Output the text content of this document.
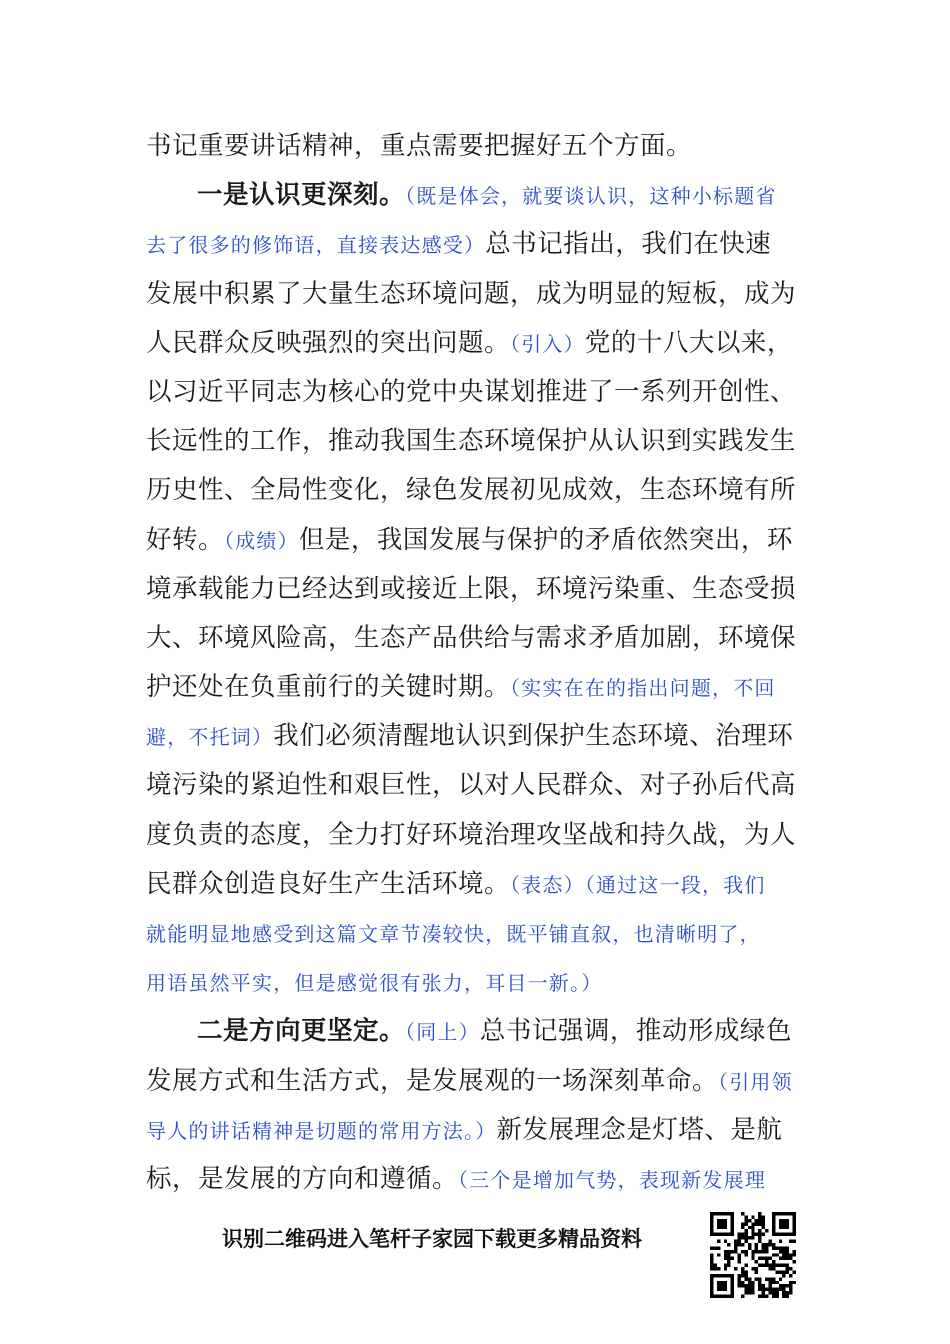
书记重要讲话精神，重点需要把握好五个方面。
一是认识更深刻。（既是体会，就要谈认识，这种小标题省
去了很多的修饰语，直接表达感受）总书记指出，我们在快速
发展中积累了大量生态环境问题，成为明显的短板，成为
人民群众反映强烈的突出问题。（引入）党的十八大以来，
以习近平同志为核心的党中央谋划推进了一系列开创性、
长远性的工作，推动我国生态环境保护从认识到实践发生
历史性、全局性变化，绿色发展初见成效，生态环境有所
好转。（成绩）但是，我国发展与保护的矛盾依然突出，环
境承载能力已经达到或接近上限，环境污染重、生态受损
大、环境风险高，生态产品供给与需求矛盾加剧，环境保
护还处在负重前行的关键时期。（实实在在的指出问题，不回
避，不托词）我们必须清醒地认识到保护生态环境、治理环
境污染的紧迫性和艰巨性，以对人民群众、对子孙后代高
度负责的态度，全力打好环境治理攻坚战和持久战，为人
民群众创造良好生产生活环境。（表态）（通过这一段，我们
就能明显地感受到这篇文章节凑较快，既平铺直叙，也清晰明了，
用语虽然平实，但是感觉很有张力，耳目一新。）
二是方向更坚定。（同上）总书记强调，推动形成绿色
发展方式和生活方式，是发展观的一场深刻革命。（引用领
导人的讲话精神是切题的常用方法。）新发展理念是灯塔、是航
标，是发展的方向和遵循。（三个是增加气势，表现新发展理
识别二维码进入笔杆子家园下载更多精品资料
